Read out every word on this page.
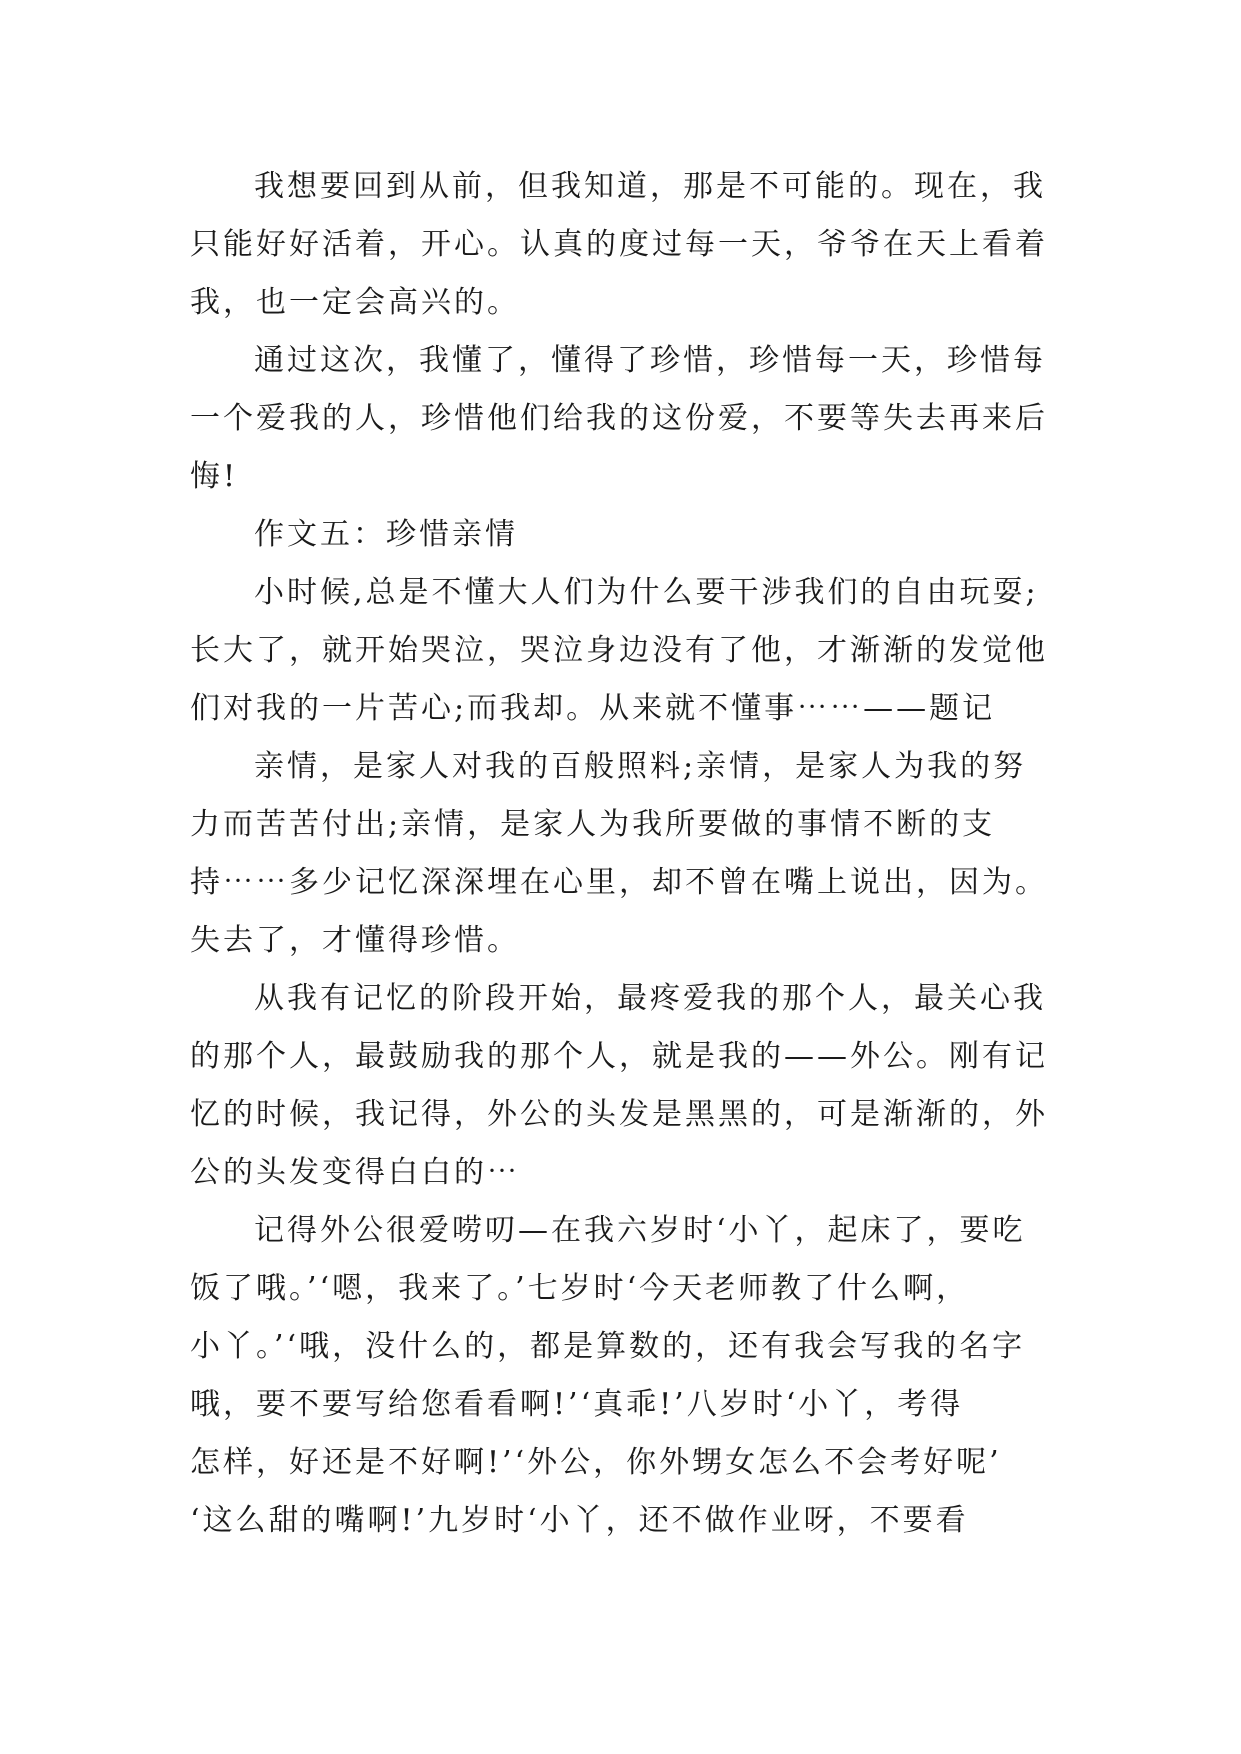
我想要回到从前，但我知道，那是不可能的。现在，我
只能好好活着，开心。认真的度过每一天，爷爷在天上看着
我，也一定会高兴的。
通过这次，我懂了，懂得了珍惜，珍惜每一天，珍惜每
一个爱我的人，珍惜他们给我的这份爱，不要等失去再来后
悔!
作文五：珍惜亲情
小时候,总是不懂大人们为什么要干涉我们的自由玩耍;
长大了，就开始哭泣，哭泣身边没有了他，才渐渐的发觉他
们对我的一片苦心;而我却。从来就不懂事⋯⋯——题记
亲情，是家人对我的百般照料;亲情，是家人为我的努
力而苦苦付出;亲情，是家人为我所要做的事情不断的支
持⋯⋯多少记忆深深埋在心里，却不曾在嘴上说出，因为。
失去了，才懂得珍惜。
从我有记忆的阶段开始，最疼爱我的那个人，最关心我
的那个人，最鼓励我的那个人，就是我的——外公。刚有记
忆的时候，我记得，外公的头发是黑黑的，可是渐渐的，外
公的头发变得白白的⋯
记得外公很爱唠叨—在我六岁时‘小丫，起床了，要吃
饭了哦。’‘嗯，我来了。’七岁时‘今天老师教了什么啊，
小丫。’‘哦，没什么的，都是算数的，还有我会写我的名字
哦，要不要写给您看看啊!’‘真乖!’八岁时‘小丫，考得
怎样，好还是不好啊!’‘外公，你外甥女怎么不会考好呢’
‘这么甜的嘴啊!’九岁时‘小丫，还不做作业呀，不要看
